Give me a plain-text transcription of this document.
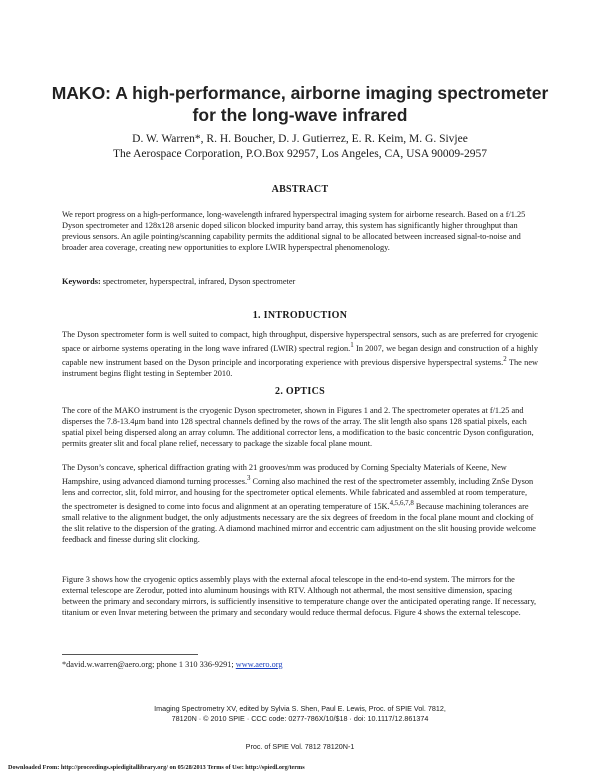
MAKO: A high-performance, airborne imaging spectrometer for the long-wave infrared
D. W. Warren*, R. H. Boucher, D. J. Gutierrez, E. R. Keim, M. G. Sivjee
The Aerospace Corporation, P.O.Box 92957, Los Angeles, CA, USA 90009-2957
ABSTRACT
We report progress on a high-performance, long-wavelength infrared hyperspectral imaging system for airborne research. Based on a f/1.25 Dyson spectrometer and 128x128 arsenic doped silicon blocked impurity band array, this system has significantly higher throughput than previous sensors. An agile pointing/scanning capability permits the additional signal to be allocated between increased signal-to-noise and broader area coverage, creating new opportunities to explore LWIR hyperspectral phenomenology.
Keywords: spectrometer, hyperspectral, infrared, Dyson spectrometer
1. INTRODUCTION
The Dyson spectrometer form is well suited to compact, high throughput, dispersive hyperspectral sensors, such as are preferred for cryogenic space or airborne systems operating in the long wave infrared (LWIR) spectral region.$^1$ In 2007, we began design and construction of a highly capable new instrument based on the Dyson principle and incorporating experience with previous dispersive hyperspectral systems.$^2$ The new instrument begins flight testing in September 2010.
2. OPTICS
The core of the MAKO instrument is the cryogenic Dyson spectrometer, shown in Figures 1 and 2. The spectrometer operates at f/1.25 and disperses the 7.8-13.4μm band into 128 spectral channels defined by the rows of the array. The slit length also spans 128 spatial pixels, each spatial pixel being dispersed along an array column. The additional corrector lens, a modification to the basic concentric Dyson configuration, permits greater slit and focal plane relief, necessary to package the sizable focal plane mount.
The Dyson’s concave, spherical diffraction grating with 21 grooves/mm was produced by Corning Specialty Materials of Keene, New Hampshire, using advanced diamond turning processes.$^3$ Corning also machined the rest of the spectrometer assembly, including ZnSe Dyson lens and corrector, slit, fold mirror, and housing for the spectrometer optical elements. While fabricated and assembled at room temperature, the spectrometer is designed to come into focus and alignment at an operating temperature of 15K.$^{4,5,6,7,8}$ Because machining tolerances are small relative to the alignment budget, the only adjustments necessary are the six degrees of freedom in the focal plane mount and clocking of the slit relative to the dispersion of the grating. A diamond machined mirror and eccentric cam adjustment on the slit housing provide welcome feedback and finesse during slit clocking.
Figure 3 shows how the cryogenic optics assembly plays with the external afocal telescope in the end-to-end system. The mirrors for the external telescope are Zerodur, potted into aluminum housings with RTV. Although not athermal, the most sensitive dimension, spacing between the primary and secondary mirrors, is sufficiently insensitive to temperature change over the anticipated operating range. If necessary, titanium or even Invar metering between the primary and secondary would reduce thermal defocus. Figure 4 shows the external telescope.
*david.w.warren@aero.org; phone 1 310 336-9291; www.aero.org
Imaging Spectrometry XV, edited by Sylvia S. Shen, Paul E. Lewis, Proc. of SPIE Vol. 7812,
78120N · © 2010 SPIE · CCC code: 0277-786X/10/$18 · doi: 10.1117/12.861374
Proc. of SPIE Vol. 7812 78120N-1
Downloaded From: http://proceedings.spiedigitallibrary.org/ on 05/28/2013 Terms of Use: http://spiedl.org/terms
